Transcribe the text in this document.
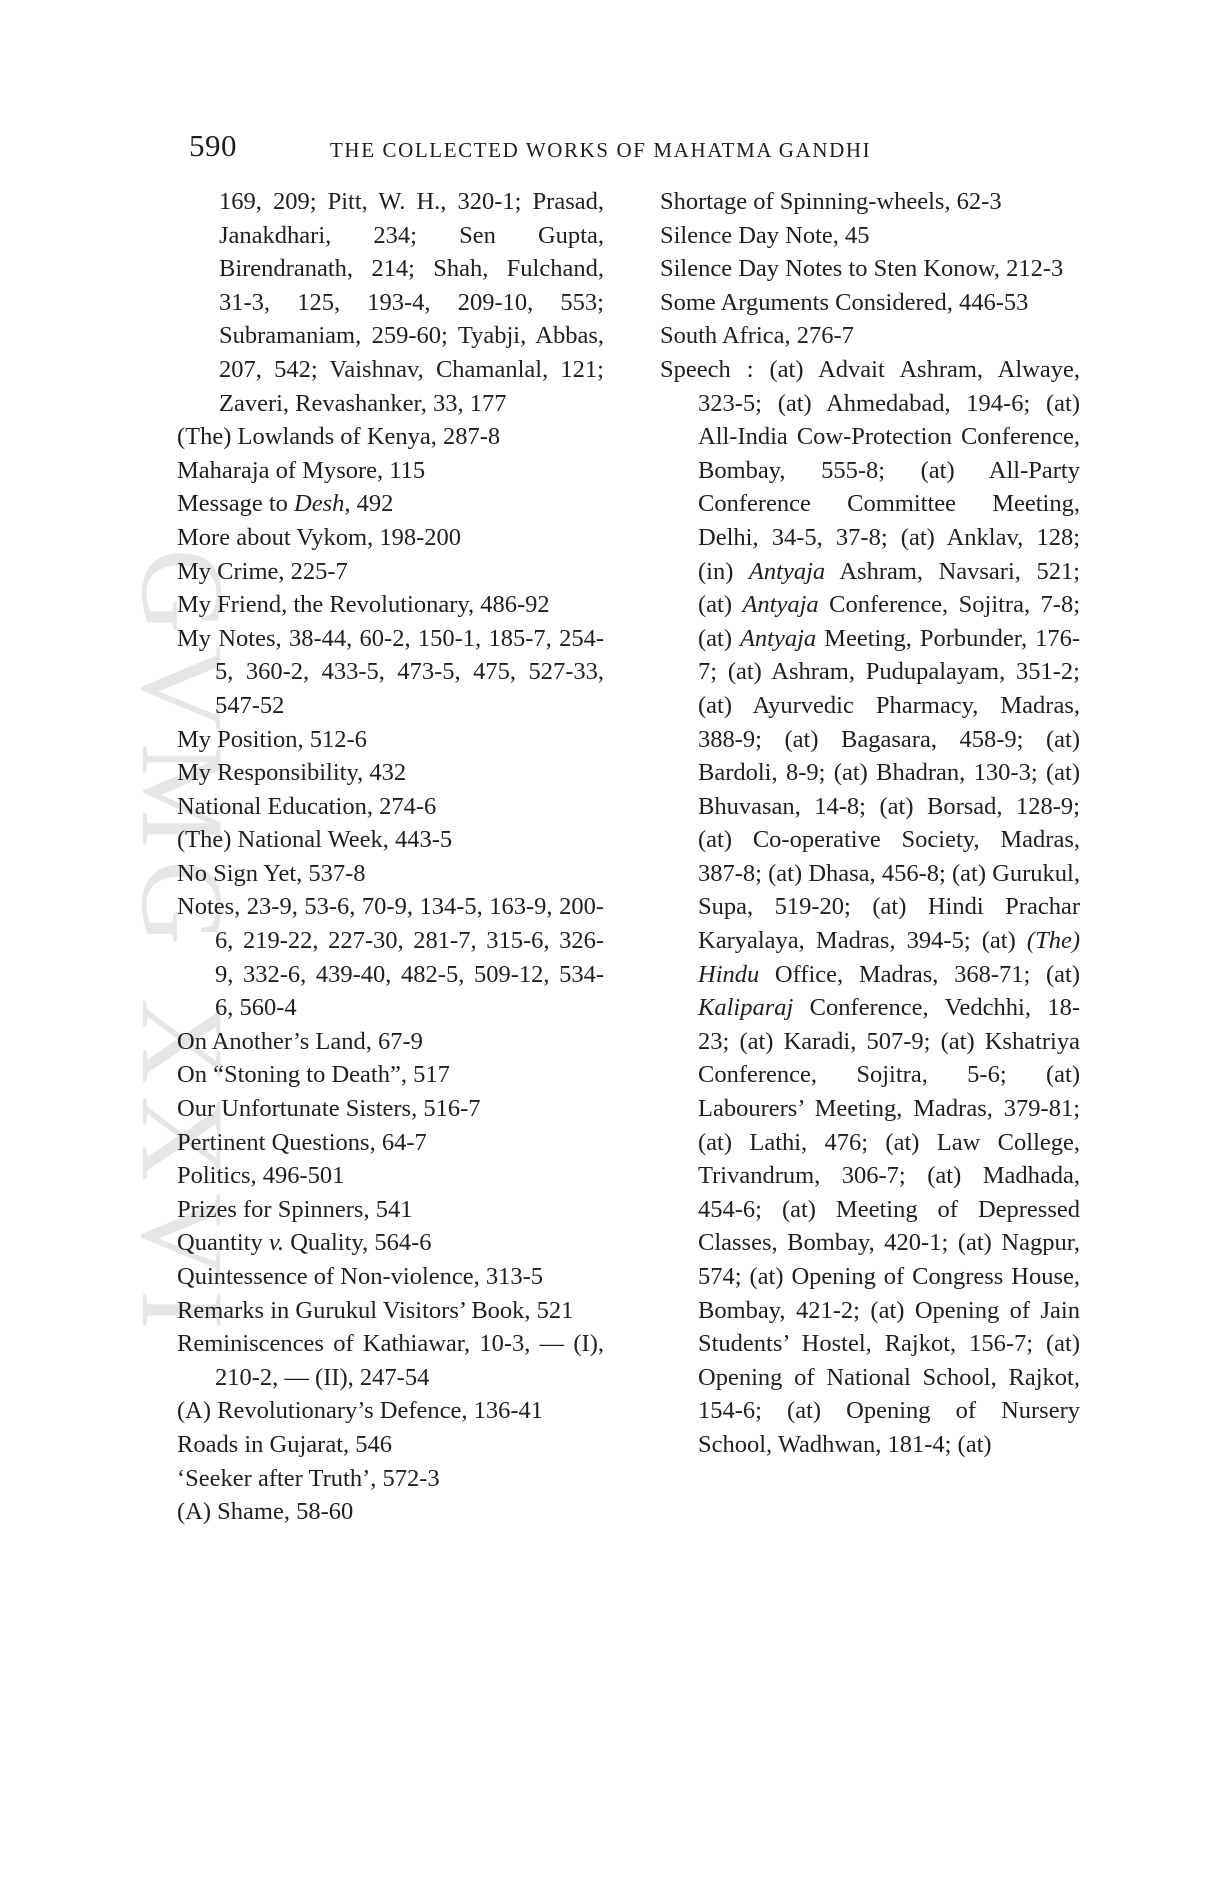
GVMG XXVI
590	THE COLLECTED WORKS OF MAHATMA GANDHI

169, 209; Pitt, W. H., 320-1; Prasad, Janakdhari, 234; Sen Gupta, Birendranath, 214; Shah, Fulchand, 31-3, 125, 193-4, 209-10, 553; Subramaniam, 259-60; Tyabji, Abbas, 207, 542; Vaishnav, Chamanlal, 121; Zaveri, Revashanker, 33, 177

(The) Lowlands of Kenya, 287-8

Maharaja of Mysore, 115

Message to Desh, 492

More about Vykom, 198-200

My Crime, 225-7

My Friend, the Revolutionary, 486-92

My Notes, 38-44, 60-2, 150-1, 185-7, 254-5, 360-2, 433-5, 473-5, 475, 527-33, 547-52

My Position, 512-6

My Responsibility, 432

National Education, 274-6

(The) National Week, 443-5

No Sign Yet, 537-8

Notes, 23-9, 53-6, 70-9, 134-5, 163-9, 200-6, 219-22, 227-30, 281-7, 315-6, 326-9, 332-6, 439-40, 482-5, 509-12, 534-6, 560-4

On Another’s Land, 67-9

On “Stoning to Death”, 517

Our Unfortunate Sisters, 516-7

Pertinent Questions, 64-7

Politics, 496-501

Prizes for Spinners, 541

Quantity v. Quality, 564-6

Quintessence of Non-violence, 313-5

Remarks in Gurukul Visitors’ Book, 521

Reminiscences of Kathiawar, 10-3, — (I), 210-2, — (II), 247-54

(A) Revolutionary’s Defence, 136-41

Roads in Gujarat, 546

‘Seeker after Truth’, 572-3

(A) Shame, 58-60

Shortage of Spinning-wheels, 62-3

Silence Day Note, 45

Silence Day Notes to Sten Konow, 212-3

Some Arguments Considered, 446-53

South Africa, 276-7

Speech : (at) Advait Ashram, Alwaye, 323-5; (at) Ahmedabad, 194-6; (at) All-India Cow-Protection Conference, Bombay, 555-8; (at) All-Party Conference Committee Meeting, Delhi, 34-5, 37-8; (at) Anklav, 128; (in) Antyaja Ashram, Navsari, 521; (at) Antyaja Conference, Sojitra, 7-8; (at) Antyaja Meeting, Porbunder, 176-7; (at) Ashram, Pudupalayam, 351-2; (at) Ayurvedic Pharmacy, Madras, 388-9; (at) Bagasara, 458-9; (at) Bardoli, 8-9; (at) Bhadran, 130-3; (at) Bhuvasan, 14-8; (at) Borsad, 128-9; (at) Co-operative Society, Madras, 387-8; (at) Dhasa, 456-8; (at) Gurukul, Supa, 519-20; (at) Hindi Prachar Karyalaya, Madras, 394-5; (at) (The) Hindu Office, Madras, 368-71; (at) Kaliparaj Conference, Vedchhi, 18-23; (at) Karadi, 507-9; (at) Kshatriya Conference, Sojitra, 5-6; (at) Labourers’ Meeting, Madras, 379-81; (at) Lathi, 476; (at) Law College, Trivandrum, 306-7; (at) Madhada, 454-6; (at) Meeting of Depressed Classes, Bombay, 420-1; (at) Nagpur, 574; (at) Opening of Congress House, Bombay, 421-2; (at) Opening of Jain Students’ Hostel, Rajkot, 156-7; (at) Opening of National School, Rajkot, 154-6; (at) Opening of Nursery School, Wadhwan, 181-4; (at)
